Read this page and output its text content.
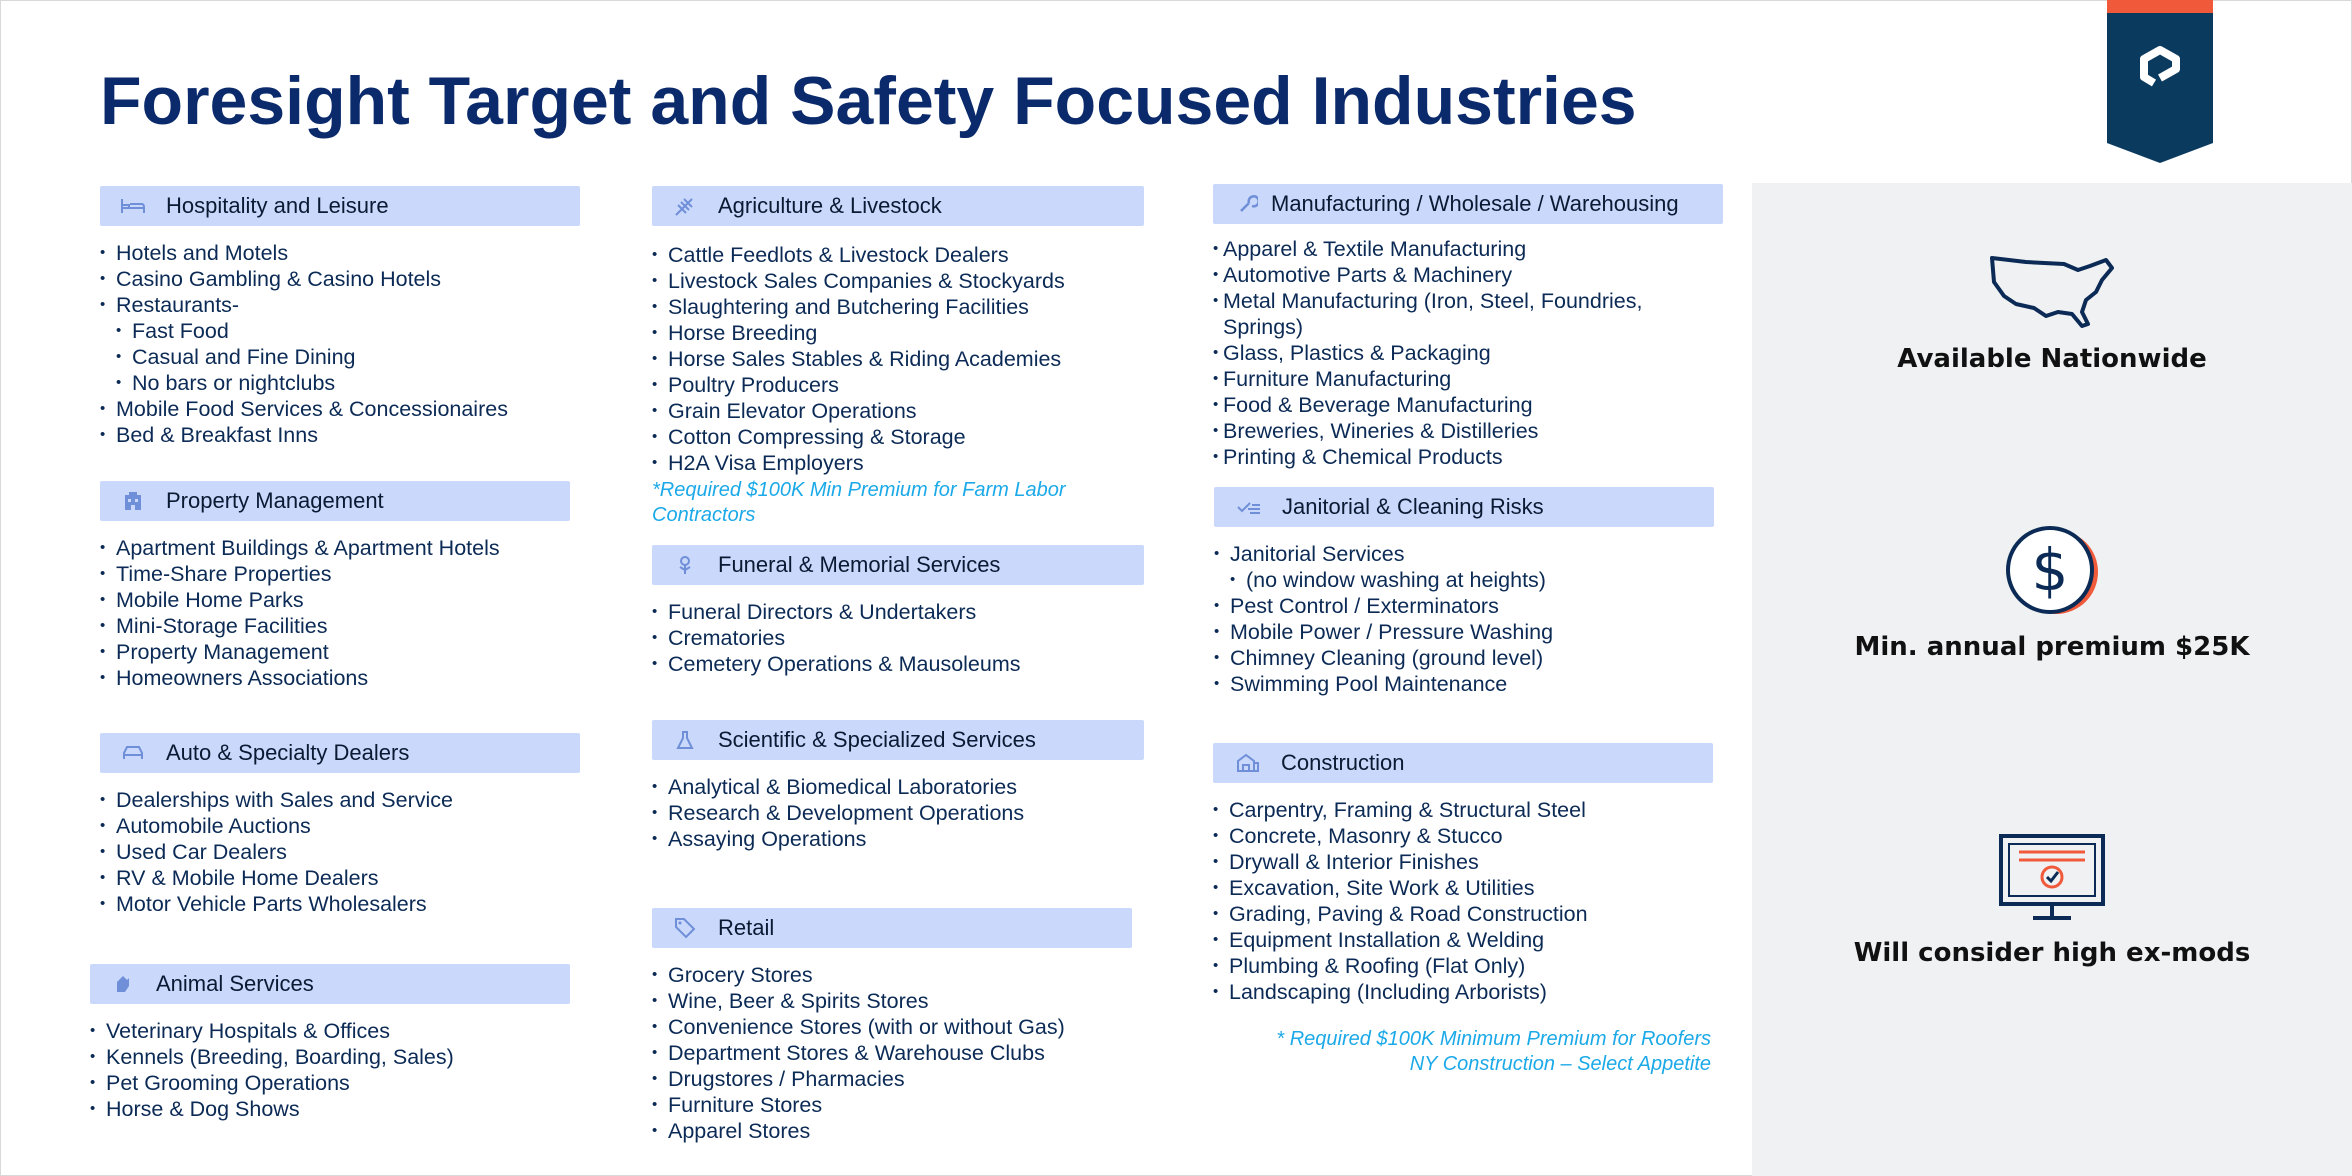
Foresight Target and Safety Focused Industries
Available Nationwide
$
Min. annual premium $25K
Will consider high ex-mods
Hospitality and Leisure
• Hotels and Motels
• Casino Gambling & Casino Hotels
• Restaurants-
• Fast Food
• Casual and Fine Dining
• No bars or nightclubs
• Mobile Food Services & Concessionaires
• Bed & Breakfast Inns
Property Management
• Apartment Buildings & Apartment Hotels
• Time-Share Properties
• Mobile Home Parks
• Mini-Storage Facilities
• Property Management
• Homeowners Associations
Auto & Specialty Dealers
• Dealerships with Sales and Service
• Automobile Auctions
• Used Car Dealers
• RV & Mobile Home Dealers
• Motor Vehicle Parts Wholesalers
Animal Services
• Veterinary Hospitals & Offices
• Kennels (Breeding, Boarding, Sales)
• Pet Grooming Operations
• Horse & Dog Shows
Agriculture & Livestock
• Cattle Feedlots & Livestock Dealers
• Livestock Sales Companies & Stockyards
• Slaughtering and Butchering Facilities
• Horse Breeding
• Horse Sales Stables & Riding Academies
• Poultry Producers
• Grain Elevator Operations
• Cotton Compressing & Storage
• H2A Visa Employers

*Required $100K Min Premium for Farm Labor
Contractors

Funeral & Memorial Services
• Funeral Directors & Undertakers
• Crematories
• Cemetery Operations & Mausoleums
Scientific & Specialized Services
• Analytical & Biomedical Laboratories
• Research & Development Operations
• Assaying Operations
Retail
• Grocery Stores
• Wine, Beer & Spirits Stores
• Convenience Stores (with or without Gas)
• Department Stores & Warehouse Clubs
• Drugstores / Pharmacies
• Furniture Stores
• Apparel Stores
Manufacturing / Wholesale / Warehousing
• Apparel & Textile Manufacturing
• Automotive Parts & Machinery
• Metal Manufacturing (Iron, Steel, Foundries,
Springs)
• Glass, Plastics & Packaging
• Furniture Manufacturing
• Food & Beverage Manufacturing
• Breweries, Wineries & Distilleries
• Printing & Chemical Products
Janitorial & Cleaning Risks
• Janitorial Services
• (no window washing at heights)
• Pest Control / Exterminators
• Mobile Power / Pressure Washing
• Chimney Cleaning (ground level)
• Swimming Pool Maintenance
Construction
• Carpentry, Framing & Structural Steel
• Concrete, Masonry & Stucco
• Drywall & Interior Finishes
• Excavation, Site Work & Utilities
• Grading, Paving & Road Construction
• Equipment Installation & Welding
• Plumbing & Roofing (Flat Only)
• Landscaping (Including Arborists)

* Required $100K Minimum Premium for Roofers
NY Construction – Select Appetite
